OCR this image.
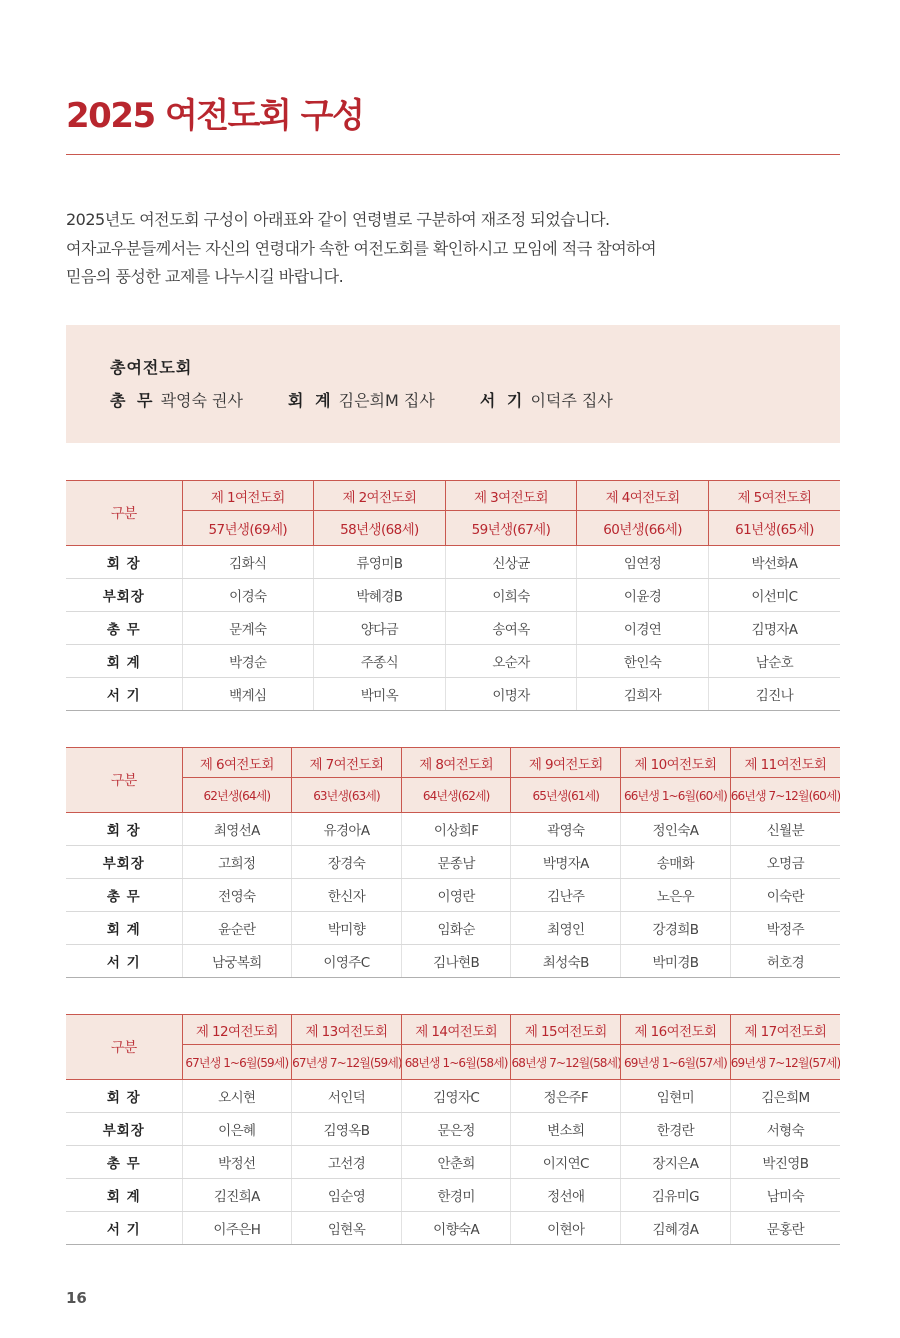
2025 여전도회 구성

2025년도 여전도회 구성이 아래표와 같이 연령별로 구분하여 재조정 되었습니다.

여자교우분들께서는 자신의 연령대가 속한 여전도회를 확인하시고 모임에 적극 참여하여

믿음의 풍성한 교제를 나누시길 바랍니다.

총여전도회
총 무 곽영숙 권사	회 계 김은희M 집사	서 기 이덕주 집사
구분	제 1여전도회	제 2여전도회	제 3여전도회	제 4여전도회	제 5여전도회
	57년생(69세)	58년생(68세)	59년생(67세)	60년생(66세)	61년생(65세)
회 장	김화식	류영미B	신상균	임연정	박선화A
부회장	이경숙	박혜경B	이희숙	이윤경	이선미C
총 무	문계숙	양다금	송여옥	이경연	김명자A
회 계	박경순	주종식	오순자	한인숙	남순호
서 기	백계심	박미옥	이명자	김희자	김진나
구분	제 6여전도회	제 7여전도회	제 8여전도회	제 9여전도회	제 10여전도회	제 11여전도회
	62년생(64세)	63년생(63세)	64년생(62세)	65년생(61세)	66년생 1~6월(60세)	66년생 7~12월(60세)
회 장	최영선A	유경아A	이상희F	곽영숙	정인숙A	신월분
부회장	고희정	장경숙	문종남	박명자A	송매화	오명금
총 무	전영숙	한신자	이영란	김난주	노은우	이숙란
회 계	윤순란	박미향	임화순	최영인	강경희B	박정주
서 기	남궁복희	이영주C	김나현B	최성숙B	박미경B	허호경
구분	제 12여전도회	제 13여전도회	제 14여전도회	제 15여전도회	제 16여전도회	제 17여전도회
	67년생 1~6월(59세)	67년생 7~12월(59세)	68년생 1~6월(58세)	68년생 7~12월(58세)	69년생 1~6월(57세)	69년생 7~12월(57세)
회 장	오시현	서인덕	김영자C	정은주F	임현미	김은희M
부회장	이은혜	김영옥B	문은정	변소희	한경란	서형숙
총 무	박정선	고선경	안춘희	이지연C	장지은A	박진영B
회 계	김진희A	임순영	한경미	정선애	김유미G	남미숙
서 기	이주은H	임현옥	이향숙A	이현아	김혜경A	문홍란
16
